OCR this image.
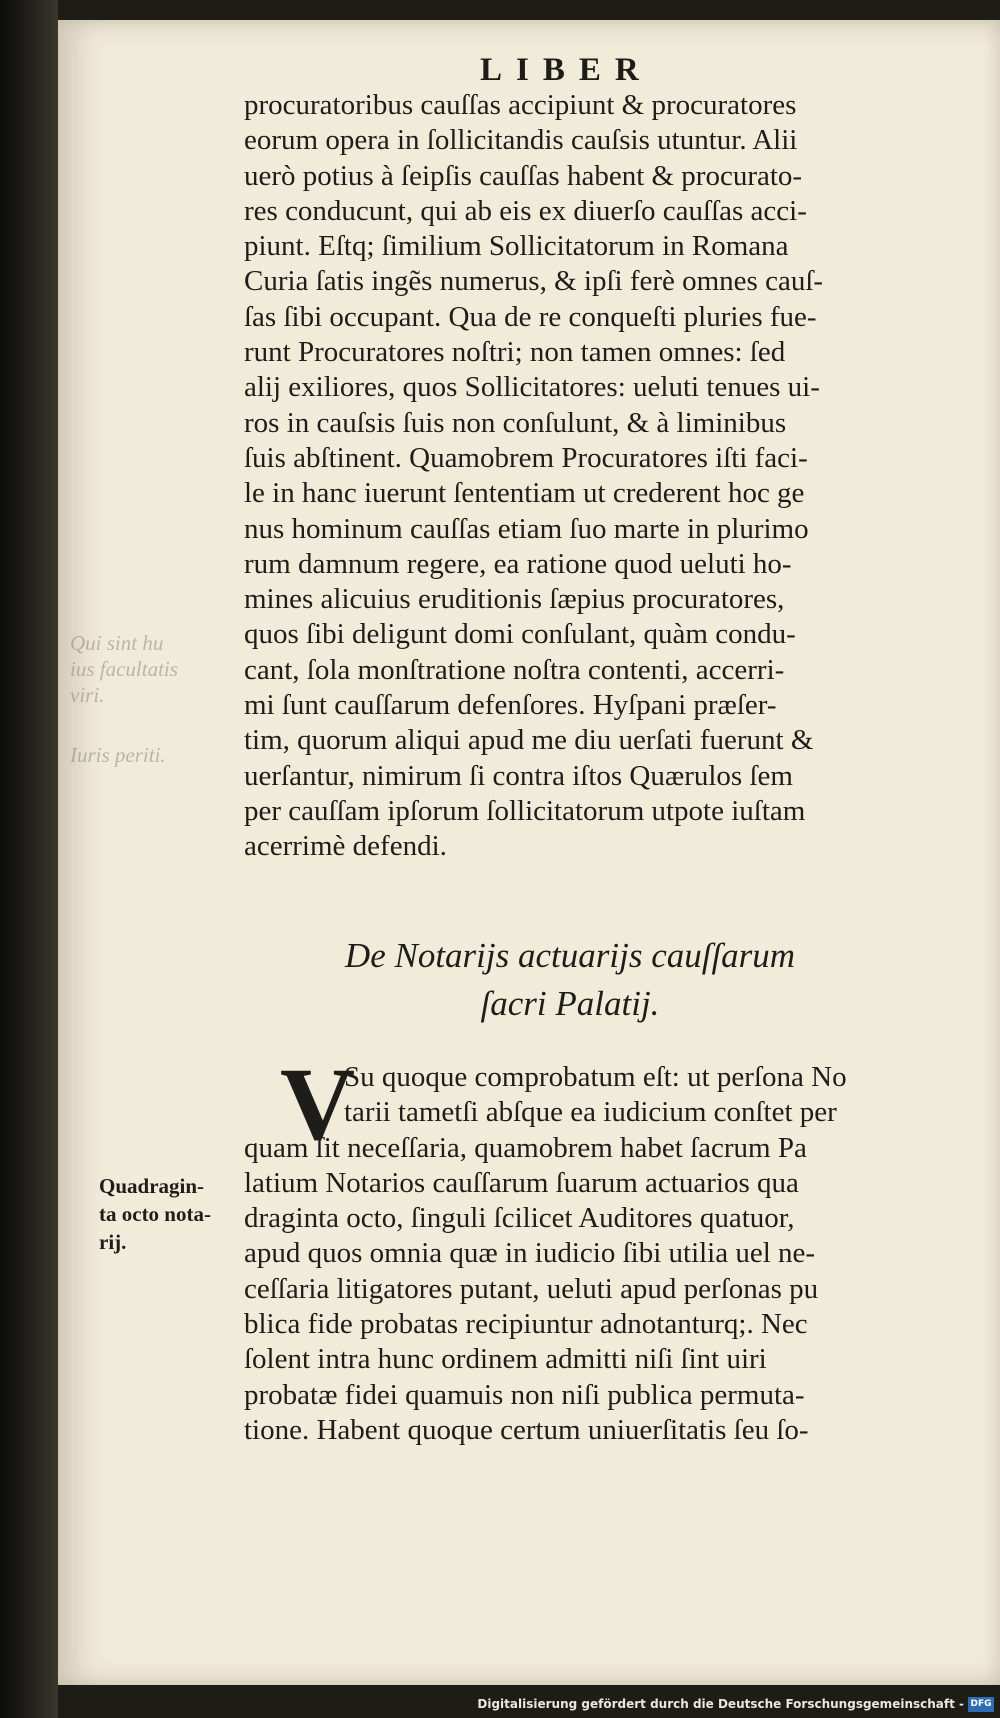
Qui sint hu
ius facultatis
viri.
Iuris periti.
LIBER
procuratoribus cauſſas accipiunt & procuratores
eorum opera in ſollicitandis cauſsis utuntur. Alii
uerò potius à ſeipſis cauſſas habent & procurato-
res conducunt, qui ab eis ex diuerſo cauſſas acci-
piunt. Eſtq; ſimilium Sollicitatorum in Romana
Curia ſatis ingẽs numerus, & ipſi ferè omnes cauſ-
ſas ſibi occupant. Qua de re conqueſti pluries fue-
runt Procuratores noſtri; non tamen omnes: ſed
alij exiliores, quos Sollicitatores: ueluti tenues ui-
ros in cauſsis ſuis non conſulunt, & à liminibus
ſuis abſtinent. Quamobrem Procuratores iſti faci-
le in hanc iuerunt ſententiam ut crederent hoc ge
nus hominum cauſſas etiam ſuo marte in plurimo
rum damnum regere, ea ratione quod ueluti ho-
mines alicuius eruditionis ſæpius procuratores,
quos ſibi deligunt domi conſulant, quàm condu-
cant, ſola monſtratione noſtra contenti, accerri-
mi ſunt cauſſarum defenſores. Hyſpani præſer-
tim, quorum aliqui apud me diu uerſati fuerunt &
uerſantur, nimirum ſi contra iſtos Quærulos ſem
per cauſſam ipſorum ſollicitatorum utpote iuſtam
acerrimè defendi.
De Notarijs actuarijs cauſſarum
ſacri Palatij.
V
Su quoque comprobatum eſt: ut perſona No
tarii tametſi abſque ea iudicium conſtet per
quam ſit neceſſaria, quamobrem habet ſacrum Pa
latium Notarios cauſſarum ſuarum actuarios qua
draginta octo, ſinguli ſcilicet Auditores quatuor,
apud quos omnia quæ in iudicio ſibi utilia uel ne-
ceſſaria litigatores putant, ueluti apud perſonas pu
blica fide probatas recipiuntur adnotanturq;. Nec
ſolent intra hunc ordinem admitti niſi ſint uiri
probatæ fidei quamuis non niſi publica permuta-
tione. Habent quoque certum uniuerſitatis ſeu ſo-
Quadragin-
ta octo nota-
rij.
Digitalisierung gefördert durch die Deutsche Forschungsgemeinschaft - DFG
